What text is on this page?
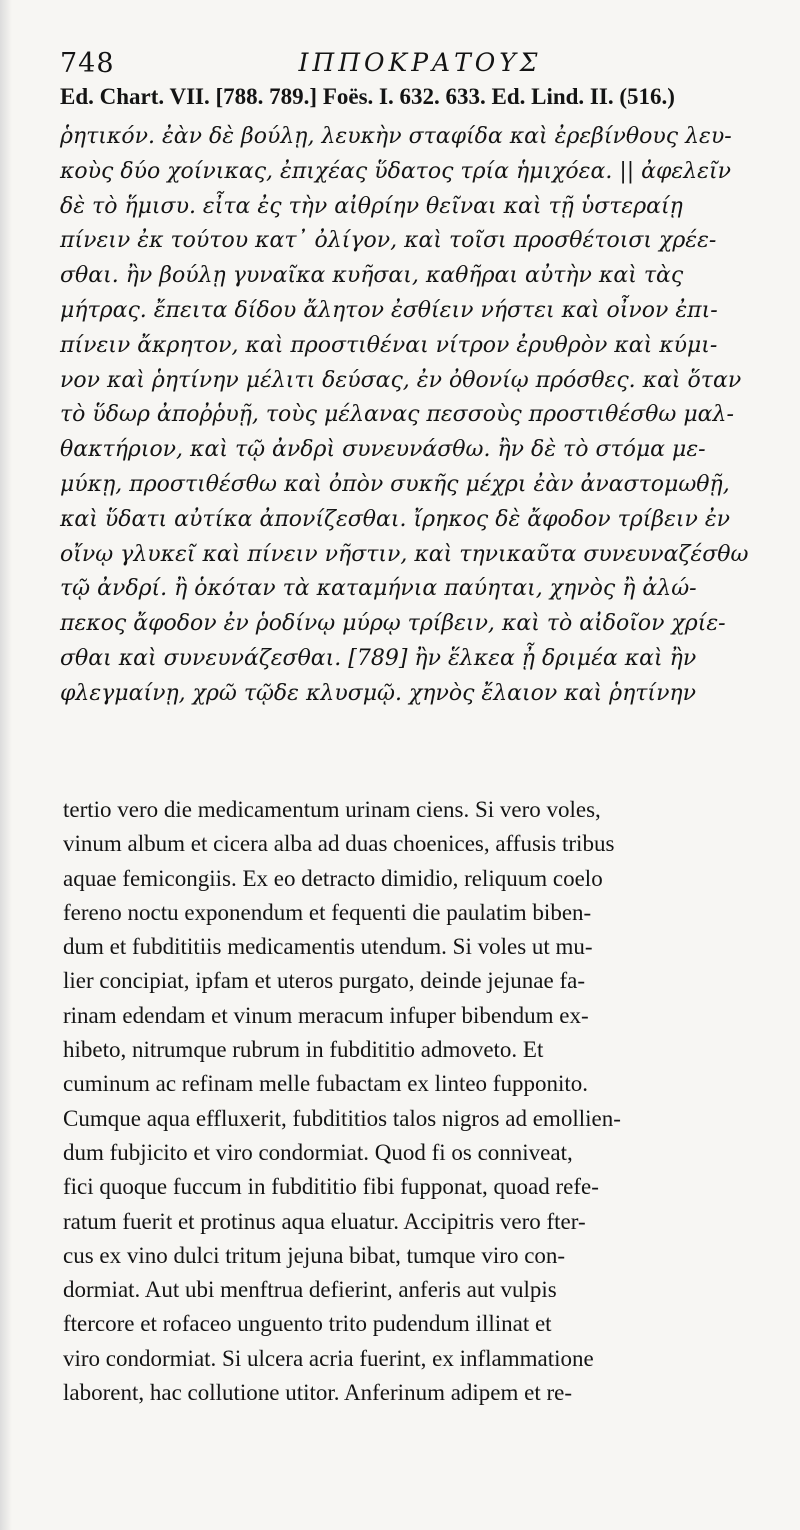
748	ΙΠΠΟΚΡΑΤΟΥΣ
Ed. Chart. VII. [788. 789.] Foës. I. 632. 633. Ed. Lind. II. (516.)
ῥητικόν. ἐὰν δὲ βούλῃ, λευκὴν σταφίδα καὶ ἐρεβίνθους λευ-
κοὺς δύο χοίνικας, ἐπιχέας ὕδατος τρία ἡμιχόεα. || ἀφελεῖν
δὲ τὸ ἥμισυ. εἶτα ἐς τὴν αἰθρίην θεῖναι καὶ τῇ ὑστεραίῃ
πίνειν ἐκ τούτου κατ᾽ ὀλίγον, καὶ τοῖσι προσθέτοισι χρέε-
σθαι. ἢν βούλῃ γυναῖκα κυῆσαι, καθῆραι αὐτὴν καὶ τὰς
μήτρας. ἔπειτα δίδου ἄλητον ἐσθίειν νήστει καὶ οἶνον ἐπι-
πίνειν ἄκρητον, καὶ προστιθέναι νίτρον ἐρυθρὸν καὶ κύμι-
νον καὶ ῥητίνην μέλιτι δεύσας, ἐν ὀθονίῳ πρόσθες. καὶ ὅταν
τὸ ὕδωρ ἀποῤῥυῇ, τοὺς μέλανας πεσσοὺς προστιθέσθω μαλ-
θακτήριον, καὶ τῷ ἀνδρὶ συνευνάσθω. ἢν δὲ τὸ στόμα με-
μύκῃ, προστιθέσθω καὶ ὀπὸν συκῆς μέχρι ἐὰν ἀναστομωθῇ,
καὶ ὕδατι αὐτίκα ἀπονίζεσθαι. ἴρηκος δὲ ἄφοδον τρίβειν ἐν
οἴνῳ γλυκεῖ καὶ πίνειν νῆστιν, καὶ τηνικαῦτα συνευναζέσθω
τῷ ἀνδρί. ἢ ὁκόταν τὰ καταμήνια παύηται, χηνὸς ἢ ἀλώ-
πεκος ἄφοδον ἐν ῥοδίνῳ μύρῳ τρίβειν, καὶ τὸ αἰδοῖον χρίε-
σθαι καὶ συνευνάζεσθαι. [789] ἢν ἕλκεα ᾖ δριμέα καὶ ἢν
φλεγμαίνῃ, χρῶ τῷδε κλυσμῷ. χηνὸς ἔλαιον καὶ ῥητίνην
tertio vero die medicamentum urinam ciens. Si vero voles,
vinum album et cicera alba ad duas choenices, affusis tribus
aquae femicongiis. Ex eo detracto dimidio, reliquum coelo
fereno noctu exponendum et fequenti die paulatim biben-
dum et fubdititiis medicamentis utendum. Si voles ut mu-
lier concipiat, ipfam et uteros purgato, deinde jejunae fa-
rinam edendam et vinum meracum infuper bibendum ex-
hibeto, nitrumque rubrum in fubdititio admoveto. Et
cuminum ac refinam melle fubactam ex linteo fupponito.
Cumque aqua effluxerit, fubdititios talos nigros ad emollien-
dum fubjicito et viro condormiat. Quod fi os conniveat,
fici quoque fuccum in fubdititio fibi fupponat, quoad refe-
ratum fuerit et protinus aqua eluatur. Accipitris vero fter-
cus ex vino dulci tritum jejuna bibat, tumque viro con-
dormiat. Aut ubi menftrua defierint, anferis aut vulpis
ftercore et rofaceo unguento trito pudendum illinat et
viro condormiat. Si ulcera acria fuerint, ex inflammatione
laborent, hac collutione utitor. Anferinum adipem et re-
